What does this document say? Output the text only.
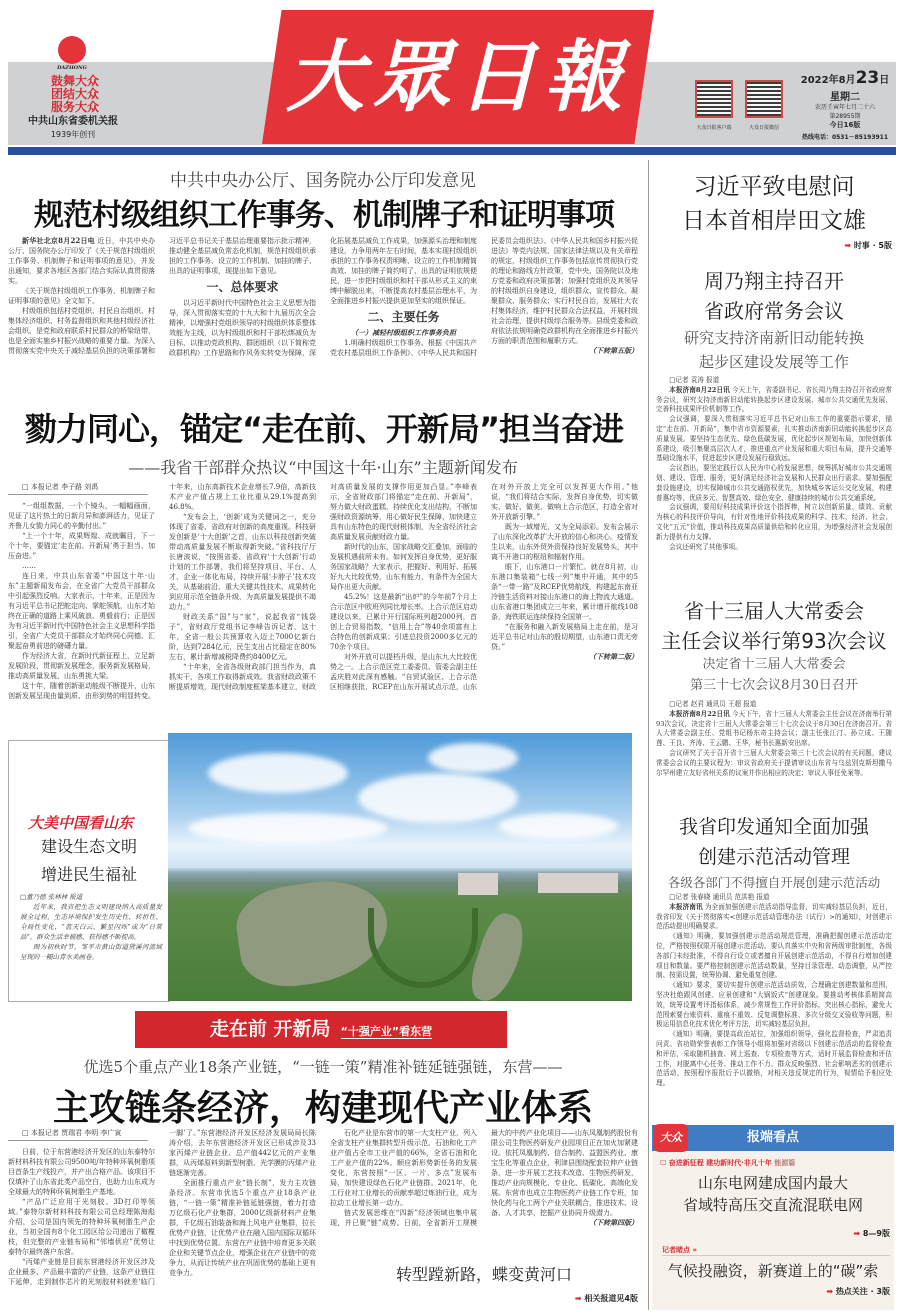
大眾日報
DAZHONG
鼓舞大众
团结大众
服务大众
中共山东省委机关报
1939年创刊
大众日报客户端	大众日报微信
2022年8月23日
星期二
农历壬寅年七月二十六
第28955期
今日16版
热线电话：0531－85193911
中共中央办公厅、国务院办公厅印发意见
规范村级组织工作事务、机制牌子和证明事项

新华社北京8月22日电 近日，中共中央办公厅、国务院办公厅印发了《关于规范村级组织工作事务、机制牌子和证明事项的意见》，并发出通知，要求各地区各部门结合实际认真贯彻落实。

《关于规范村级组织工作事务、机制牌子和证明事项的意见》全文如下。

村级组织包括村党组织、村民自治组织、村集体经济组织、村务监督组织和其他村级经济社会组织，是党和政府联系村民群众的桥梁纽带，也是全面实施乡村振兴战略的重要力量。为深入贯彻落实党中央关于减轻基层负担的决策部署和习近平总书记关于基层治理重要指示批示精神，推动健全基层减负常态化机制，规范村级组织承担的工作事务、设立的工作机制、加挂的牌子、出具的证明事项，现提出如下意见。

一、总体要求

以习近平新时代中国特色社会主义思想为指导，深入贯彻落实党的十九大和十九届历次全会精神，以增强村党组织领导的村级组织体系整体效能为主线，以为村级组织和村干部松绑减负为目标，以推动党政机构、群团组织（以下简称党政群机构）工作思路和作风务实转变为保障，深化拓展基层减负工作成果，加强源头治理和制度建设，力争用两年左右时间，基本实现村级组织承担的工作事务权责明晰、设立的工作机制精简高效、加挂的牌子简约明了、出具的证明依规便民，进一步把村级组织和村干部从形式主义的束缚中解脱出来，不断提高农村基层治理水平，为全面推进乡村振兴提供更加坚实的组织保证。

二、主要任务

（一）减轻村级组织工作事务负担

1.明确村级组织工作事务。根据《中国共产党农村基层组织工作条例》、《中华人民共和国村民委员会组织法》、《中华人民共和国乡村振兴促进法》等党内法规、国家法律法规以及有关章程的规定，村级组织工作事务包括宣传贯彻执行党的理论和路线方针政策，党中央、国务院以及地方党委和政府决策部署；加强村党组织及其领导的村级组织自身建设，组织群众、宣传群众、凝聚群众、服务群众；实行村民自治，发展壮大农村集体经济，维护村民群众合法权益，开展村级社会治理，提供村级综合服务等。县级党委和政府依法依规明确党政群机构在全面推进乡村振兴方面的职责范围和履职方式。

（下转第五版）

勠力同心，锚定“走在前、开新局”担当奋进
——我省干部群众热议“中国这十年·山东”主题新闻发布

□ 本报记者 李子路 刘禹

“一组组数据，一个个镜头，一幅幅画面，见证了这片热土的日新月异和澎湃活力，见证了齐鲁儿女勠力同心的辛勤付出。”

“上一个十年，成果辉煌、成就瞩目，下一个十年，要锚定‘走在前、开新局’勇于担当、加压奋进。”

……

连日来，中共山东省委“中国这十年·山东”主题新闻发布会，在全省广大党员干部群众中引起强烈反响。大家表示，十年来，正是因为有习近平总书记把舵定向、掌舵领航，山东才始终在正确的道路上乘风破浪、勇毅前行；正是因为有习近平新时代中国特色社会主义思想科学指引，全省广大党员干部群众才始终同心同德、汇聚起奋勇前进的磅礴力量。

作为经济大省，在新时代新征程上，立足新发展阶段，贯彻新发展理念，服务新发展格局，推动高质量发展，山东勇挑大梁。

这十年，随着创新驱动能级不断提升，山东创新发展呈现由量到质、由形到势的明显转变。十年来，山东高新技术企业增长7.9倍，高新技术产业产值占规上工业比重从29.1%提高到46.8%。

“发布会上，‘创新’成为关键词之一，充分体现了省委、省政府对创新的高度重视。科技研发创新是‘十大创新’之首，山东以科技创新突破带动高质量发展不断取得新突破。”省科技厅厅长唐波说，“按照省委、省政府‘十大创新’行动计划的工作部署，我们将坚持项目、平台、人才、企业一体化布局，持续开展‘卡脖子’技术攻关，从基础前沿、重大关键共性技术、成果转化到应用示范全链条升级，为高质量发展提供不竭动力。”

财政关系“国”与“家”，说起我省“钱袋子”，省财政厅党组书记李峰告诉记者，这十年，全省一般公共预算收入迈上7000亿新台阶，达到7284亿元，民生支出占比稳定在80%左右，累计新增减税降费约8400亿元。

“十年来，全省各级财政部门担当作为，真抓实干，各项工作取得新成效。我省财政政策不断提质增效，现代财政制度框架基本建立，财政对高质量发展的支撑作用更加凸显。”李峰表示，全省财政部门将锚定“走在前、开新局”，努力做大财政蛋糕，持续优化支出结构，不断加强财政资源统筹，用心做好民生保障，加快建立具有山东特色的现代财税体制，为全省经济社会高质量发展贡献财政力量。

新时代的山东，国家战略交汇叠加，面临的发展机遇前所未有。如何发挥自身优势，更好服务国家战略？大家表示，把握好、利用好、拓展好九大比较优势，山东有能力、有条件为全国大局作出更大贡献。

45.2%！这是最新“出炉”的今年前7个月上合示范区中欧班列同比增长率。上合示范区启动建设以来，已累计开行国际班列超2000列，首创上合贸易指数，“信用上合”等40余项富有上合特色的创新成果；引进总投资2000多亿元的70余个项目。

对外开放可以提档升级，是山东九大比较优势之一。上合示范区党工委委员、管委会副主任孟庆胜对此深有感触。“自贸试验区、上合示范区相继获批，RCEP在山东开展试点示范，山东在对外开放上完全可以发挥更大作用。”他说，“我们将结合实际，发挥自身优势，切实做实、做好、做美、做响上合示范区，打造全省对外开放新引擎。”

既为一域增光，又为全局添彩。发布会展示了山东深化改革扩大开放的信心和决心。疫情发生以来，山东外贸外资保持良好发展势头，其中离不开港口的枢纽和辐射作用。

眼下，山东港口一片繁忙。就在8月初，山东港口集装箱“七线一列”集中开通，其中的5条“一带一路”及RCEP优势航线，构建起东南亚冷链生活资料对接山东港口的海上物流大通道。山东省港口集团成立三年来，累计增开航线108条，海铁联运连续保持全国第一。

“在服务和融入新发展格局上走在前，是习近平总书记对山东的殷切期望，山东港口责无旁贷。”

（下转第二版）

大美中国看山东
建设生态文明
增进民生福祉

□董乃德 张林林 报道

近年来，我省把生态文明建设纳入高质量发展全过程，生态环境保护发生历史性、转折性、全局性变化，“蓝天白云、繁星闪烁”成为“日常品”，群众生活幸福感、获得感不断提高。

图为初秋时节，邹平市黄山街道黛溪河流域呈现的一幅山青水美画卷。

走在前 开新局 “十强产业”看东营
优选5个重点产业18条产业链，“一链一策”精准补链延链强链，东营——
主攻链条经济，构建现代产业体系

□ 本报记者 贾瑞君 李明 李广寅

日前，位于东营港经济开发区的山东泰特尔新材料科技有限公司9500吨/年特种环氧树脂项目首条生产线投产，并产出合格产品。该项目不仅填补了山东省此类产品空白，也助力山东成为全球最大的特种环氧树脂生产基地。

“产品广泛应用于光刻胶、3D打印等领域。”泰特尔新材料科技有限公司总经理陈海彪介绍，公司是国内领先的特种环氧树脂生产企业，当初全国有8个化工园区给公司递出了橄榄枝，但完整的产业链布局和“邻墙供应”优势让泰特尔最终落户东营。

“丙烯产业链是目前东营港经济开发区涉及企业最多、产品最丰富的产业链，这条产业链往下延伸，走到制作芯片的光刻胶材料就差‘临门一脚’了。”东营港经济开发区经济发展局局长陈涛介绍，去年东营港经济开发区已形成涉及33家丙烯产业链企业、总产值442亿元的产业集群，从丙烯原料到新型树脂、光学膜的丙烯产业链逐渐完善。

全面推行重点产业“链长制”，发力主攻链条经济。东营市优选5个重点产业18条产业链，“一链一策”精准补链延链强链，着力打造万亿级石化产业集群，2000亿级新材料产业集群，千亿级石油装备和海上风电产业集群，拉长优势产业链，让优势产业在融入国内国际双循环中找到优势位置。东营在产业链中培育更多关联企业和关键节点企业，增强企业在产业链中的竞争力，从而让传统产业在巩固优势的基础上更有竞争力。

石化产业是东营市的第一大支柱产业，列入全省支柱产业集群转型升级示范，石油和化工产业产值占全市工业产值的66%，全省石油和化工产业产值的22%。顺应新形势新任务的发展变化，东营按照“一区、一片、多点”发展布局，加快建设绿色石化产业链群。2021年，化工行业对工业增长的贡献率超过炼油行业，成为拉动工业增长第一动力。

链式发展思维在“四新”经济领域也集中展现，并已聚“链”成势。日前，全省新开工规模最大的中药产业化项目——山东凤凰制药股份有限公司生物医药研发产业园项目正在加火加紧建设。依托凤凰制药、信合制药、益盟医药业、康宝生化等重点企业，利津县围绕配套拉伸产业链条，进一步开展工艺技术改造、生物医药研发，推动产业向规模化、专业化、低碳化、高端化发展。东营市也成立生物医药产业链工作专班，加快化药与化工两个产业关联耦合，推进技术、设备、人才共享，挖掘产业协同升级潜力。

（下转第四版）

转型蹚新路，蝶变黄河口
➡ 相关报道见4版
习近平致电慰问
日本首相岸田文雄
➡ 时事 · 5版
周乃翔主持召开
省政府常务会议
研究支持济南新旧动能转换
起步区建设发展等工作

□记者 袁涛 报道

本报济南8月22日讯 今天上午，省委副书记、省长周乃翔主持召开省政府常务会议，研究支持济南新旧动能转换起步区建设发展、城市公共交通优先发展、完善科技成果评价机制等工作。

会议强调，要深入贯彻落实习近平总书记对山东工作的重要指示要求，锚定“走在前、开新局”，集中省市资源要素，扎实推动济南新旧动能转换起步区高质量发展。要坚持生态优先、绿色低碳发展，优化起步区规划布局，加快创新体系建设，吸引集聚高层次人才，推进重点产业发展和重大项目布局，提升交通等基础设施水平，促进起步区建设发展行稳致远。

会议指出，要坚定践行以人民为中心的发展思想，统筹抓好城市公共交通规划、建设、管理、服务，更好满足经济社会发展和人民群众出行需求。要加强配套设施建设，切实保障城市公共交通路权优先，加快城乡客运公交化发展，构建普惠均等、优质多元、智慧高效、绿色安全、健康持续的城市公共交通系统。

会议强调，要用好科技成果评价这个指挥棒，树立以创新质量、绩效、贡献为核心的科技评价导向，有针对性地评价科技成果的科学、技术、经济、社会、文化“五元”价值，推动科技成果高质量供给和转化应用，为增强经济社会发展创新力提供有力支撑。

会议还研究了其他事项。

省十三届人大常委会
主任会议举行第93次会议
决定省十三届人大常委会
第三十七次会议8月30日召开

□记者 赵君 通讯员 王超 报道

本报济南8月22日讯 今天下午，省十三届人大常委会主任会议在济南举行第93次会议，决定省十三届人大常委会第三十七次会议于8月30日在济南召开。省人大常委会副主任、党组书记杨东奇主持会议；副主任张江汀、孙立成、王随莲、王良、齐涛、王云鹏、王华，秘书长惠新安出席。

会议研究了关于召开省十三届人大常委会第三十七次会议的有关问题，建议常委会会议的主要议程为：审议省政府关于提请审议山东省与乌兹别克斯坦撒马尔罕州建立友好省州关系的议案并作出相应的决定；审议人事任免案等。

我省印发通知全面加强
创建示范活动管理
各级各部门不得擅自开展创建示范活动

□记者 张春晓 通讯员 范洪艳 报道

本报济南讯 为全面加强创建示范活动指导监督，切实减轻基层负担，近日，我省印发《关于贯彻落实<创建示范活动管理办法（试行）>的通知》，对创建示范活动提出明确要求。

《通知》明确，要加强创建示范活动规范管理，准确把握创建示范活动定位，严格按照权限开展创建示范活动。要认真落实中央和省两级审批制度，各级各部门未经批准，不得自行设立或者擅自开展创建示范活动，不得自行增加创建项目和数量。要严格控制创建示范活动数量，坚持目录管理、动态调整，从严控制、按需设置，统筹协调、避免重复创建。

《通知》要求，要切实提升创建示范活动质效，合理确定创建数量和范围，坚决杜绝跟风创建、应景创建和“大锅饭式”创建现象。要推动考核体系精简高效，统筹设置考评指标体系，减少常规性工作评价指标，突出核心指标，避免大范围索要台账资料、重痕不重效、反复调整标准、多次分级交叉验收等问题，积极运用信息化技术优化考评方法，切实减轻基层负担。

《通知》明确，要提高政治站位，加强组织领导，强化监督检查，严肃追责问责。省功勋荣誉表彰工作领导小组将加强对省级以下创建示范活动的监督检查和评估，采取随机抽查、网上巡查、专项检查等方式，适时开展监督检查和评估工作，对脱离中心任务、推动工作不力、群众反映强烈、社会影响恶劣的创建示范活动，按照程序报批后予以撤销，对相关违反规定的行为，视情给予相应处理。

报端看点
大众
☐ 奋进新征程 建功新时代·非凡十年 能源篇
山东电网建成国内最大
省域特高压交直流混联电网
➡ 8—9版
记者睹点 »
气候投融资，新赛道上的“碳”索
➡ 热点关注 · 3版
